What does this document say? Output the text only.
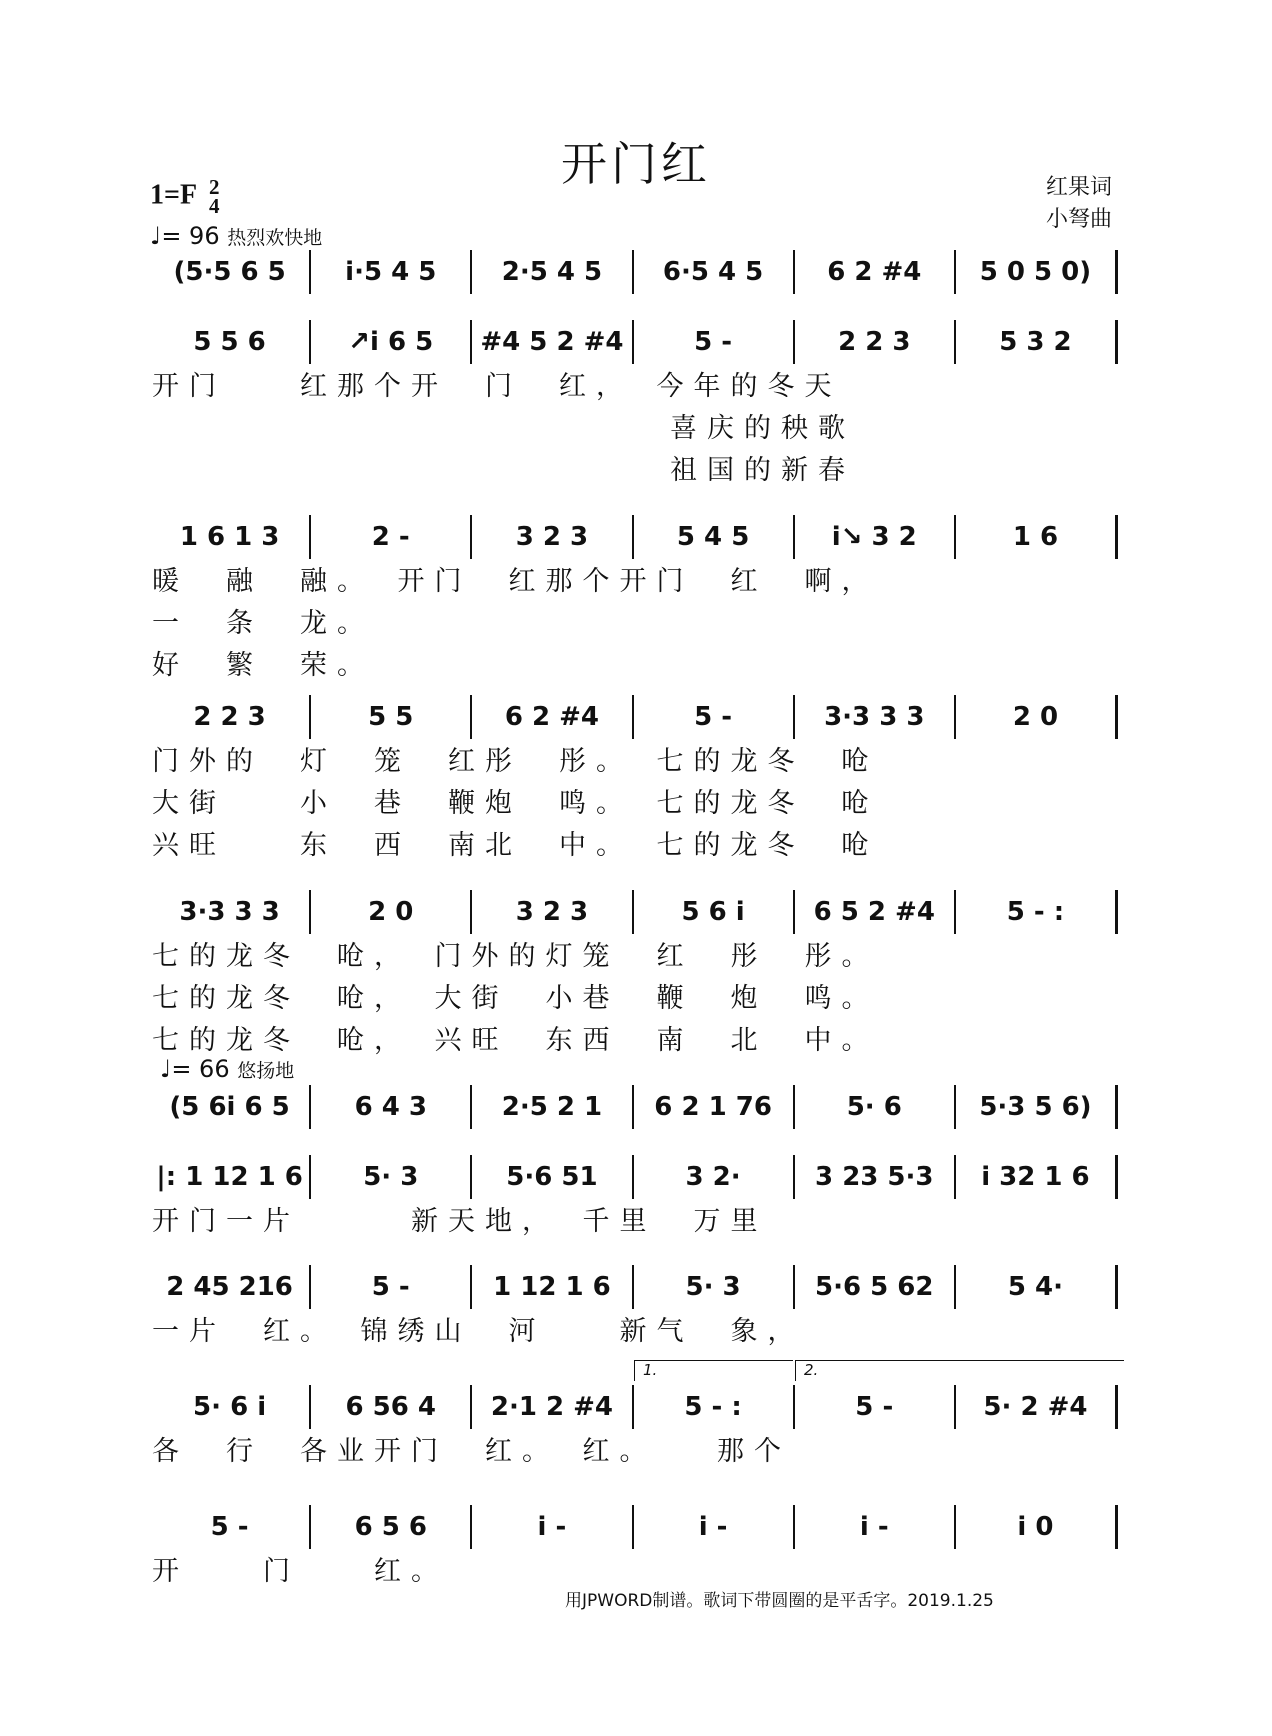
开门红
1=F 2
4
♩= 96 热烈欢快地
红果词
小弩曲
♩= 66 悠扬地
(5·5 6 5	i·5 4 5	2·5 4 5	6·5 4 5	6 2 #4	5 0 5 0)
5 5 6	↗i 6 5	#4 5 2 #4	5 -	2 2 3	5 3 2
开门　　红那个开　门　红，　今年的冬天
　　　　　　　　　　　　　　喜庆的秧歌
　　　　　　　　　　　　　　祖国的新春
1 6 1 3	2 -	3 2 3	5 4 5	i↘ 3 2	1 6
暖　融　融。　开门　红那个开门　红　啊，
一　条　龙。
好　繁　荣。
2 2 3	5 5	6 2 #4	5 -	3·3 3 3	2 0
门外的　灯　笼　红彤　彤。　七的龙冬　呛
大街　　小　巷　鞭炮　鸣。　七的龙冬　呛
兴旺　　东　西　南北　中。　七的龙冬　呛
3·3 3 3	2 0	3 2 3	5 6 i	6 5 2 #4	5 - :
七的龙冬　呛，　门外的灯笼　红　彤　彤。
七的龙冬　呛，　大街　小巷　鞭　炮　鸣。
七的龙冬　呛，　兴旺　东西　南　北　中。
(5 6i 6 5	6 4 3	2·5 2 1	6 2 1 76	5· 6	5·3 5 6)
|: 1 12 1 6	5· 3	5·6 51	3 2·	3 23 5·3	i 32 1 6
开门一片　　　新天地，　千里　万里
2 45 216	5 -	1 12 1 6	5· 3	5·6 5 62	5 4·
一片　红。　锦绣山　河　　新气　象，
5· 6 i	6 56 4	2·1 2 #4	5 - :	5 -	5· 2 #4
各　行　各业开门　红。　红。　　那个
5 -	6 5 6	i -	i -	i -	i 0
开　　门　　红。
1.	2.
用JPWORD制谱。歌词下带圆圈的是平舌字。2019.1.25
